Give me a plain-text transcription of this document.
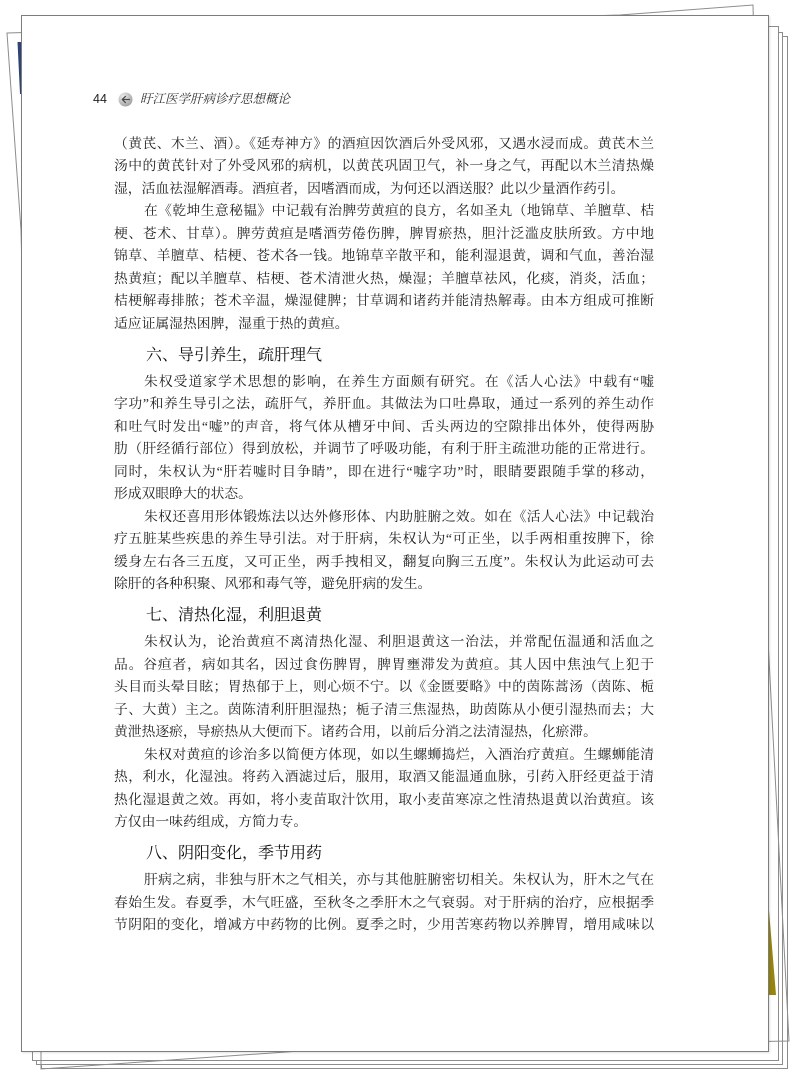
44	盱江医学肝病诊疗思想概论
（黄芪、木兰、酒）。《延寿神方》的酒疸因饮酒后外受风邪，又遇水浸而成。黄芪木兰
汤中的黄芪针对了外受风邪的病机，以黄芪巩固卫气，补一身之气，再配以木兰清热燥
湿，活血祛湿解酒毒。酒疸者，因嗜酒而成，为何还以酒送服？此以少量酒作药引。
在《乾坤生意秘韫》中记载有治脾劳黄疸的良方，名如圣丸（地锦草、羊膻草、桔
梗、苍术、甘草）。脾劳黄疸是嗜酒劳倦伤脾，脾胃瘀热，胆汁泛滥皮肤所致。方中地
锦草、羊膻草、桔梗、苍术各一钱。地锦草辛散平和，能利湿退黄，调和气血，善治湿
热黄疸；配以羊膻草、桔梗、苍术清泄火热，燥湿；羊膻草祛风，化痰，消炎，活血；
桔梗解毒排脓；苍术辛温，燥湿健脾；甘草调和诸药并能清热解毒。由本方组成可推断
适应证属湿热困脾，湿重于热的黄疸。
六、导引养生，疏肝理气
朱权受道家学术思想的影响，在养生方面颇有研究。在《活人心法》中载有“嘘
字功”和养生导引之法，疏肝气，养肝血。其做法为口吐鼻取，通过一系列的养生动作
和吐气时发出“嘘”的声音，将气体从槽牙中间、舌头两边的空隙排出体外，使得两胁
肋（肝经循行部位）得到放松，并调节了呼吸功能，有利于肝主疏泄功能的正常进行。
同时，朱权认为“肝若嘘时目争睛”，即在进行“嘘字功”时，眼睛要跟随手掌的移动，
形成双眼睁大的状态。
朱权还喜用形体锻炼法以达外修形体、内助脏腑之效。如在《活人心法》中记载治
疗五脏某些疾患的养生导引法。对于肝病，朱权认为“可正坐，以手两相重按脾下，徐
缓身左右各三五度，又可正坐，两手拽相叉，翻复向胸三五度”。朱权认为此运动可去
除肝的各种积聚、风邪和毒气等，避免肝病的发生。
七、清热化湿，利胆退黄
朱权认为，论治黄疸不离清热化湿、利胆退黄这一治法，并常配伍温通和活血之
品。谷疸者，病如其名，因过食伤脾胃，脾胃壅滞发为黄疸。其人因中焦浊气上犯于
头目而头晕目眩；胃热郁于上，则心烦不宁。以《金匮要略》中的茵陈蒿汤（茵陈、栀
子、大黄）主之。茵陈清利肝胆湿热；栀子清三焦湿热，助茵陈从小便引湿热而去；大
黄泄热逐瘀，导瘀热从大便而下。诸药合用，以前后分消之法清湿热，化瘀滞。
朱权对黄疸的诊治多以简便方体现，如以生螺蛳捣烂，入酒治疗黄疸。生螺蛳能清
热，利水，化湿浊。将药入酒滤过后，服用，取酒又能温通血脉，引药入肝经更益于清
热化湿退黄之效。再如，将小麦苗取汁饮用，取小麦苗寒凉之性清热退黄以治黄疸。该
方仅由一味药组成，方简力专。
八、阴阳变化，季节用药
肝病之病，非独与肝木之气相关，亦与其他脏腑密切相关。朱权认为，肝木之气在
春始生发。春夏季，木气旺盛，至秋冬之季肝木之气衰弱。对于肝病的治疗，应根据季
节阴阳的变化，增减方中药物的比例。夏季之时，少用苦寒药物以养脾胃，增用咸味以
